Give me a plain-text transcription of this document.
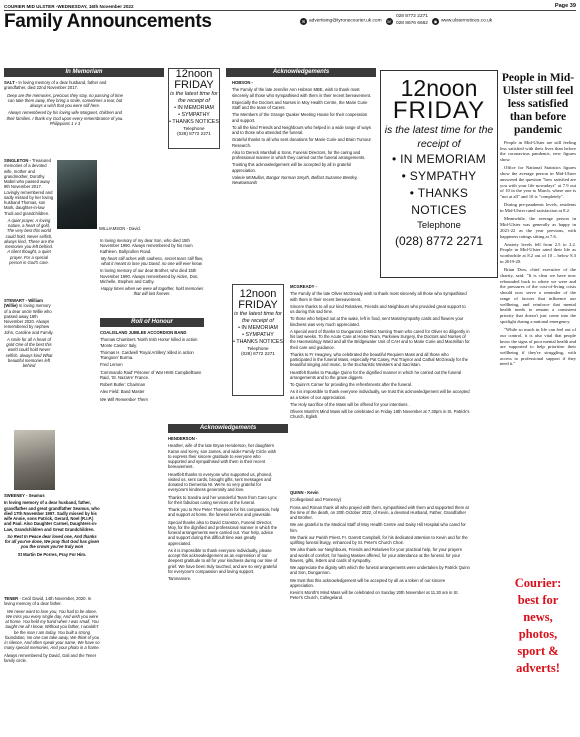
COURIER MID ULSTER -WEDNESDAY, 16th November 2022	Page 39
Family Announcements	✉ advertising@tyronecourier.uk.com ☏ 028 8772 2271
028 8676 6662 ◉ www.ulsternotices.co.uk
In Memoriam

SALT - In loving memory of a dear husband, father and grandfather, died 22nd November 2017.

Deep are the memories, precious they stay, no passing of time can take them away, they bring a smile, sometimes a tear, but always a wish that you were still here.

Always remembered by his loving wife Margaret, children and their families. I thank my God upon every remembrance of you. Philippians 1 v 3

SINGLETON - Treasured memories of a devoted wife, mother and grandmother, Dorothy Mabel who passed away 9th November 2017. Lovingly remembered and sadly missed by her loving husband Thomas, son Mark, daughter-in-law Trudi and grandchildren.

A quiet prayer, A loving nature, a heart of gold, The very best this world could hold, Never selfish, always kind, These are the memories you left behind. A silent thought, a quiet prayer, For a special person in God's care.

STEWART - William (Willie) In loving memory of a dear uncle Willie who passed away 19th November 2020. Always remembered by nephew John, Caroline and Family.

A smile for all A heart of gold One of the best this world could hold Never selfish, always kind What beautiful memories left behind

WILLIAMSON - David.

In loving memory of my dear Son, who died 15th November 1990. Always remembered by his mum Kathleen. Ballycullen Road.

My heart still aches with sadness, secret tears still flow, what it meant to lose you David, no one will ever know.

In loving memory of our dear Brother, who died 15th November 1990. Always remembered by Aiden, Don, Michelle, Stephen and Cathy.

Happy times when we were all together, hold memories that will last forever.

SWEENEY - Seamus

In loving memory of a dear husband, father, grandfather and great grandfather Seamus, who died 17th November 1997. Sadly missed by his wife Annie, sons Patrick, Gerard, Noel (R.I.P.) and Paul. Also Daughter Carmel, Daughters-in-Law, Grandchildren and Great Grandchildren.

So Rest In Peace dear loved one, And thanks for all you've done, We pray that God has given you the crown you've truly won

St Martin De Porres, Pray For Him.

TENER - Cecil David, 14th November, 2020. In loving memory of a dear father.

We never want to lose you, You had to be alone, We miss you every single day, And wish you were at home. You held my hand when I was small, You taught me all I know, Without you father, I wouldn't be the man I am today, You built a strong foundation, No one can take away, We think of you in silence, And often speak your name, We have so many special memories, And your photo in a frame.

Always remembered by David, Gail and the Tener family circle.

12noon
FRIDAY
is the latest time for the receipt of
• IN MEMORIAM
• SYMPATHY
• THANKS NOTICES
Telephone
(028) 8772 2271
Roll of Honour

COALISLAND JUBILEE ACCORDION BAND

Thomas Chambers 'North Irish Horse' killed in action 'Monte Casino' Italy.

Thomas H. Cardwell 'Royal Artillery' killed in action 'Rangoon' Burma.

Fred Lemon

'Commando Raid' Prisoner of War HMS Campbelltown Raid, 'St. Nazarre' France.

Robert Butler: Chairman

Alex Field: Band Master

We Will Remember Them

Acknowledgements

HOBSON -

The Family of the late Jennifer Ann Hobson MBE, wish to thank most sincerely all those who sympathised with them in their recent bereavement.

Especially the Doctors and Nurses in Moy Health Centre, the Marie Curie Staff and the team of Carers.

The Members of the Grange Quaker Meeting House for their cooperation and support.

To all the kind Friends and Neighbours who helped in a wide range of ways and to those who attended the funeral.

Grateful thanks to all who sent donations for Marie Curie and Brain Tumour Research.

Also to Dereck Marshall & Sons, Funeral Directors, for the caring and professional manner in which they carried out the funeral arrangements.

Trusting this acknowledgement will be accepted by all in grateful appreciation.

Valerie McMullan, Bangor Norman Smyth, Belfast Suzanne Bentley, Newtownards

12noon
FRIDAY
is the latest time for the receipt of
• IN MEMORIAM
• SYMPATHY
• THANKS NOTICES
Telephone
(028) 8772 2271

MCGREADY -

The Family of the late Oliver McGready wish to thank most sincerely all those who sympathised with them in their recent bereavement.

Sincere thanks to all our kind Relatives, Friends and Neighbours who provided great support to us during this sad time.

To those who helped out at the wake, left in food, sent Mass/sympathy cards and flowers your kindness was very much appreciated.

A special word of thanks to Dungannon District Nursing Team who cared for Oliver so diligently in his last weeks. To the Acute Care at Home Team, Parkview Surgery, the Doctors and Nurses of the Haematology Ward and all the Bridgewater Unit of CAH and to Marie Curie and Macmillan for their care and guidance.

Thanks to Fr Heagney, who celebrated the beautiful Requiem Mass and all those who participated in the funeral Mass, especially Pat Casey, Pat Traynor and Cathal McGready for the beautiful singing and music, to the Eucharistic Ministers and Sacristan.

Heartfelt thanks to Paudge Quinn for the dignified manner in which he carried out the funeral arrangements and to the grave diggers.

To Quinn's Corner for providing the refreshments after the funeral.

As it is impossible to thank everyone individually, we trust this acknowledgement will be accepted as a token of our appreciation.

The Holy sacrifice of the Mass will be offered for your intentions .

Olivers Month's Mind Mass will be celebrated on Friday 18th November at 7.30pm in St. Patrick's Church, Eglish.

Acknowledgements

HENDERSON -

Heather, wife of the late Bryan Henderson, her daughters Karan and Kerry, son James, and wider Family Circle wish to express their sincere gratitude to everyone who supported and sympathised with them in their recent bereavement.

Heartfelt thanks to everyone who supported us, phoned, visited us, sent cards, brought gifts, sent messages and donated to Dementia NI. We're so very grateful for everyone's kindness generosity and love.

Thanks to Sandra and her wonderful Team from Care Lynx for their fabulous caring services at the funeral.

Thank you to Rev Peter Thompson for his compassion, help and support at home, the funeral service and graveside.

Special thanks also to David Cranston, Funeral Director, Moy, for the dignified and professional manner in which the funeral arrangements were carried out. Your help, advice and support during this difficult time was greatly appreciated.

As it is impossible to thank everyone individually, please accept this acknowledgement as an expression of our deepest gratitude to all for your kindness during our time of grief. We have been truly touched, and are so very grateful for everyone's compassion and loving support.

Tamnamore.

QUINN - Kevin

(Collegeland and Pomeroy)

Fiona and Ronan thank all who prayed with them, sympathised with them and supported them at the time of the death, on 20th October 2022, of Kevin, a devoted Husband, Father, Grandfather and Brother.

We are grateful to the Medical Staff of Moy Health Centre and Daisy Hill Hospital who cared for him.

We thank our Parish Priest, Fr. Garrett Campbell, for his dedicated attention to Kevin and for the uplifting funeral liturgy, enhanced by St. Peter's Church Choir.

We also thank our Neighbours, Friends and Relatives for your practical help, for your prayers and words of comfort, for having Masses offered, for your attendance at the funeral, for your flowers, gifts, letters and cards of sympathy.

We appreciate the dignity with which the funeral arrangements were undertaken by Patrick Quinn and Son, Dungannon.

We trust that this acknowledgement will be accepted by all as a token of our sincere appreciation.

Kevin's Month's Mind Mass will be celebrated on Sunday 20th November at 11.30 am in St. Peter's Church, Collegeland.

12noon
FRIDAY
is the latest time for the receipt of
• IN MEMORIAM
• SYMPATHY
• THANKS NOTICES
Telephone
(028) 8772 2271
People in Mid-Ulster still feel less satisfied than before pandemic

People in Mid-Ulster are still feeling less satisfied with their lives than before the coronavirus pandemic, new figures show.

Office for National Statistics figures show the average person in Mid-Ulster answered the question "how satisfied are you with your life nowadays" at 7.9 out of 10 in the year to March, where one is "not at all" and 10 is "completely".

During pre-pandemic levels, residents in Mid-Ulster rated satisfaction at 8.2.

Meanwhile, the average person in Mid-Ulster was generally as happy in 2021-22 as the year previous, with happiness ratings sitting at 7.6.

Anxiety levels fell from 2.5 to 2.2. People in Mid-Ulster rated their life as worthwhile at 8.2 out of 10 – below 8.3 in 2019-20.

Brian Dow, chief executive of the charity, said: "It is clear we have now rebounded back to where we were and the pressures of the cost-of-living crisis should now serve a reminder of the range of factors that influence our wellbeing, and reinforce that mental health needs to remain a consistent priority that doesn't just come into the spotlight during a national emergency.

"While so much in life can feel out of our control, it is also vital that people know the signs of poor mental health and are supported to help prioritise their wellbeing if they're struggling, with access to professional support if they need it."

Courier:
best for
news,
photos,
sport &
adverts!
